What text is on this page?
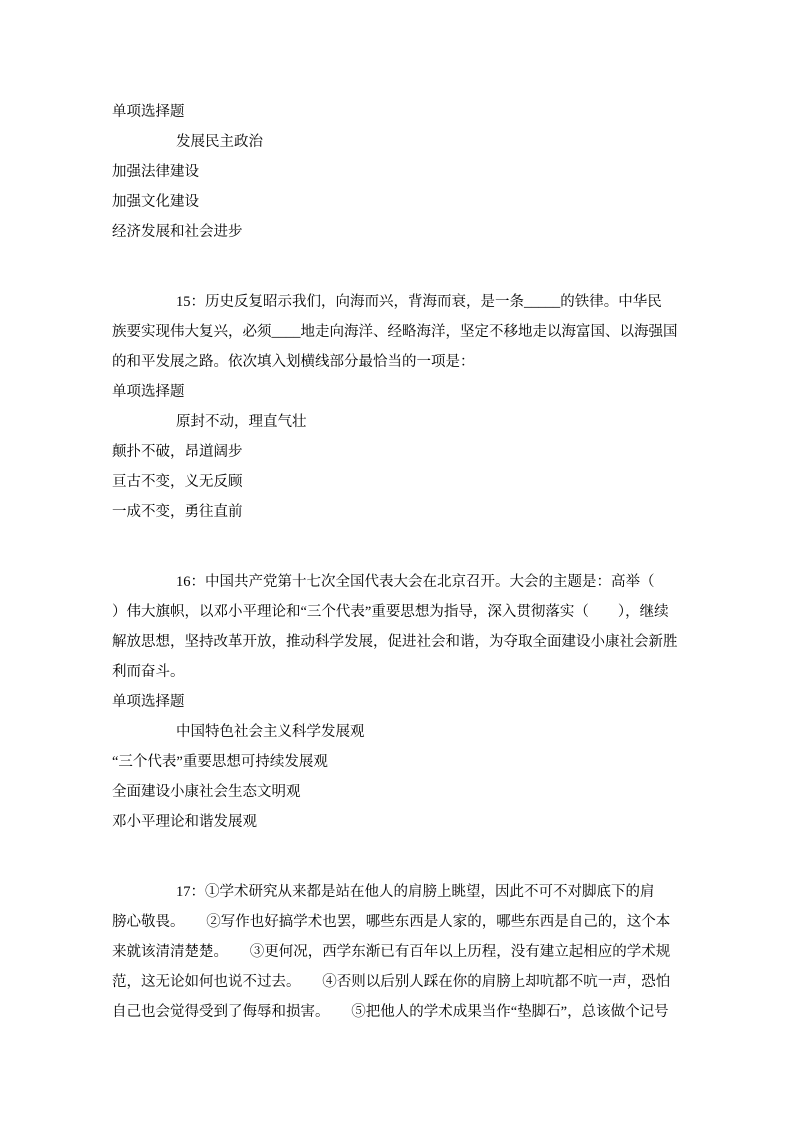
单项选择题
发展民主政治
加强法律建设
加强文化建设
经济发展和社会进步
15：历史反复昭示我们，向海而兴，背海而衰，是一条_____的铁律。中华民
族要实现伟大复兴，必须____地走向海洋、经略海洋，坚定不移地走以海富国、以海强国
的和平发展之路。依次填入划横线部分最恰当的一项是：
单项选择题
原封不动，理直气壮
颠扑不破，昂道阔步
亘古不变，义无反顾
一成不变，勇往直前
16：中国共产党第十七次全国代表大会在北京召开。大会的主题是：高举（
）伟大旗帜，以邓小平理论和“三个代表”重要思想为指导，深入贯彻落实（　　），继续
解放思想，坚持改革开放，推动科学发展，促进社会和谐，为夺取全面建设小康社会新胜
利而奋斗。
单项选择题
中国特色社会主义科学发展观
“三个代表”重要思想可持续发展观
全面建设小康社会生态文明观
邓小平理论和谐发展观
17：①学术研究从来都是站在他人的肩膀上眺望，因此不可不对脚底下的肩
膀心敬畏。　　②写作也好搞学术也罢，哪些东西是人家的，哪些东西是自己的，这个本
来就该清清楚楚。　　③更何况，西学东渐已有百年以上历程，没有建立起相应的学术规
范，这无论如何也说不过去。　　④否则以后别人踩在你的肩膀上却吭都不吭一声，恐怕
自己也会觉得受到了侮辱和损害。　　⑤把他人的学术成果当作“垫脚石”，总该做个记号
